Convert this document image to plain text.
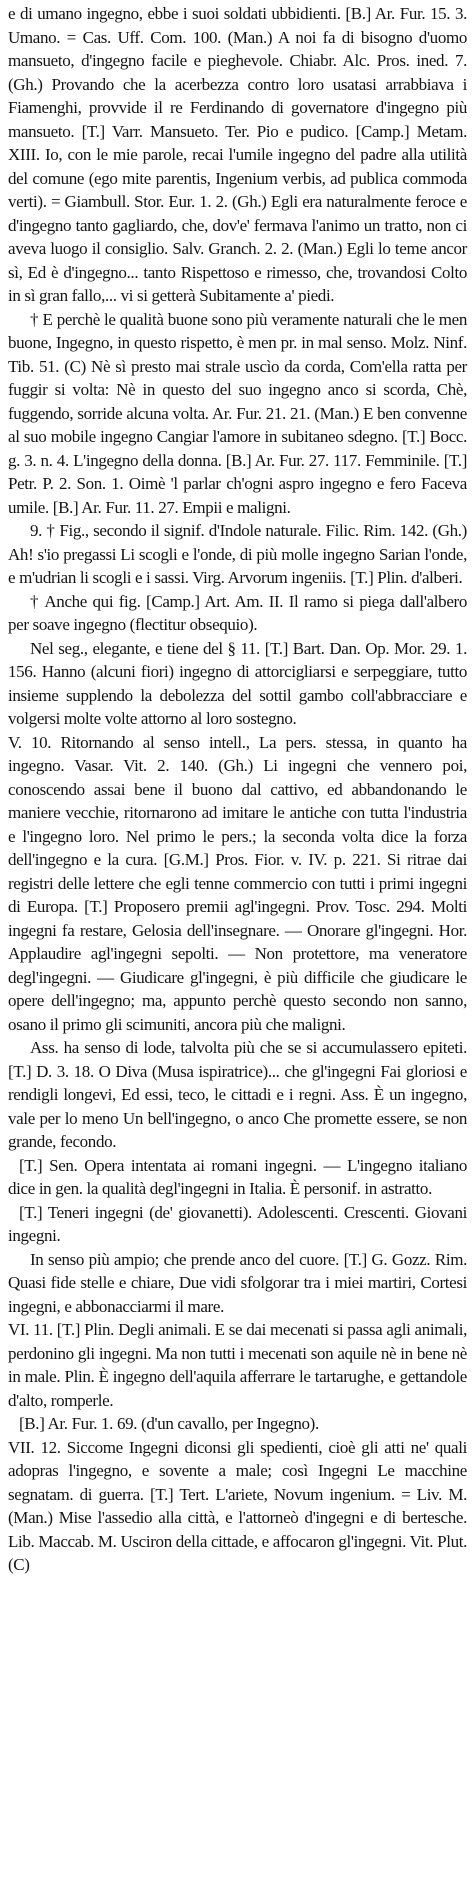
e di umano ingegno, ebbe i suoi soldati ubbidienti. [B.] Ar. Fur. 15. 3. Umano. = Cas. Uff. Com. 100. (Man.) A noi fa di bisogno d'uomo mansueto, d'ingegno facile e pieghevole. Chiabr. Alc. Pros. ined. 7. (Gh.) Provando che la acerbezza contro loro usatasi arrabbiava i Fiamenghi, provvide il re Ferdinando di governatore d'ingegno più mansueto. [T.] Varr. Mansueto. Ter. Pio e pudico. [Camp.] Metam. XIII. Io, con le mie parole, recai l'umile ingegno del padre alla utilità del comune (ego mite parentis, Ingenium verbis, ad publica commoda verti). = Giambull. Stor. Eur. 1. 2. (Gh.) Egli era naturalmente feroce e d'ingegno tanto gagliardo, che, dov'e' fermava l'animo un tratto, non ci aveva luogo il consiglio. Salv. Granch. 2. 2. (Man.) Egli lo teme ancor sì, Ed è d'ingegno... tanto Rispettoso e rimesso, che, trovandosi Colto in sì gran fallo,... vi si getterà Subitamente a' piedi.

† E perchè le qualità buone sono più veramente naturali che le men buone, Ingegno, in questo rispetto, è men pr. in mal senso. Molz. Ninf. Tib. 51. (C) Nè sì presto mai strale uscìo da corda, Com'ella ratta per fuggir si volta: Nè in questo del suo ingegno anco si scorda, Chè, fuggendo, sorride alcuna volta. Ar. Fur. 21. 21. (Man.) E ben convenne al suo mobile ingegno Cangiar l'amore in subitaneo sdegno. [T.] Bocc. g. 3. n. 4. L'ingegno della donna. [B.] Ar. Fur. 27. 117. Femminile. [T.] Petr. P. 2. Son. 1. Oimè 'l parlar ch'ogni aspro ingegno e fero Faceva umile. [B.] Ar. Fur. 11. 27. Empii e maligni.

9. † Fig., secondo il signif. d'Indole naturale. Filic. Rim. 142. (Gh.) Ah! s'io pregassi Li scogli e l'onde, di più molle ingegno Sarian l'onde, e m'udrian li scogli e i sassi. Virg. Arvorum ingeniis. [T.] Plin. d'alberi.

† Anche qui fig. [Camp.] Art. Am. II. Il ramo si piega dall'albero per soave ingegno (flectitur obsequio).

Nel seg., elegante, e tiene del § 11. [T.] Bart. Dan. Op. Mor. 29. 1. 156. Hanno (alcuni fiori) ingegno di attorcigliarsi e serpeggiare, tutto insieme supplendo la debolezza del sottil gambo coll'abbracciare e volgersi molte volte attorno al loro sostegno.

V. 10. Ritornando al senso intell., La pers. stessa, in quanto ha ingegno. Vasar. Vit. 2. 140. (Gh.) Li ingegni che vennero poi, conoscendo assai bene il buono dal cattivo, ed abbandonando le maniere vecchie, ritornarono ad imitare le antiche con tutta l'industria e l'ingegno loro. Nel primo le pers.; la seconda volta dice la forza dell'ingegno e la cura. [G.M.] Pros. Fior. v. IV. p. 221. Si ritrae dai registri delle lettere che egli tenne commercio con tutti i primi ingegni di Europa. [T.] Proposero premii agl'ingegni. Prov. Tosc. 294. Molti ingegni fa restare, Gelosia dell'insegnare. — Onorare gl'ingegni. Hor. Applaudire agl'ingegni sepolti. — Non protettore, ma veneratore degl'ingegni. — Giudicare gl'ingegni, è più difficile che giudicare le opere dell'ingegno; ma, appunto perchè questo secondo non sanno, osano il primo gli scimuniti, ancora più che maligni.

Ass. ha senso di lode, talvolta più che se si accumulassero epiteti. [T.] D. 3. 18. O Diva (Musa ispiratrice)... che gl'ingegni Fai gloriosi e rendigli longevi, Ed essi, teco, le cittadi e i regni. Ass. È un ingegno, vale per lo meno Un bell'ingegno, o anco Che promette essere, se non grande, fecondo.

[T.] Sen. Opera intentata ai romani ingegni. — L'ingegno italiano dice in gen. la qualità degl'ingegni in Italia. È personif. in astratto.

[T.] Teneri ingegni (de' giovanetti). Adolescenti. Crescenti. Giovani ingegni.

In senso più ampio; che prende anco del cuore. [T.] G. Gozz. Rim. Quasi fide stelle e chiare, Due vidi sfolgorar tra i miei martiri, Cortesi ingegni, e abbonacciarmi il mare.

VI. 11. [T.] Plin. Degli animali. E se dai mecenati si passa agli animali, perdonino gli ingegni. Ma non tutti i mecenati son aquile nè in bene nè in male. Plin. È ingegno dell'aquila afferrare le tartarughe, e gettandole d'alto, romperle.

[B.] Ar. Fur. 1. 69. (d'un cavallo, per Ingegno).

VII. 12. Siccome Ingegni diconsi gli spedienti, cioè gli atti ne' quali adopras l'ingegno, e sovente a male; così Ingegni Le macchine segnatam. di guerra. [T.] Tert. L'ariete, Novum ingenium. = Liv. M. (Man.) Mise l'assedio alla città, e l'attorneò d'ingegni e di bertesche. Lib. Maccab. M. Usciron della cittade, e affocaron gl'ingegni. Vit. Plut. (C)
